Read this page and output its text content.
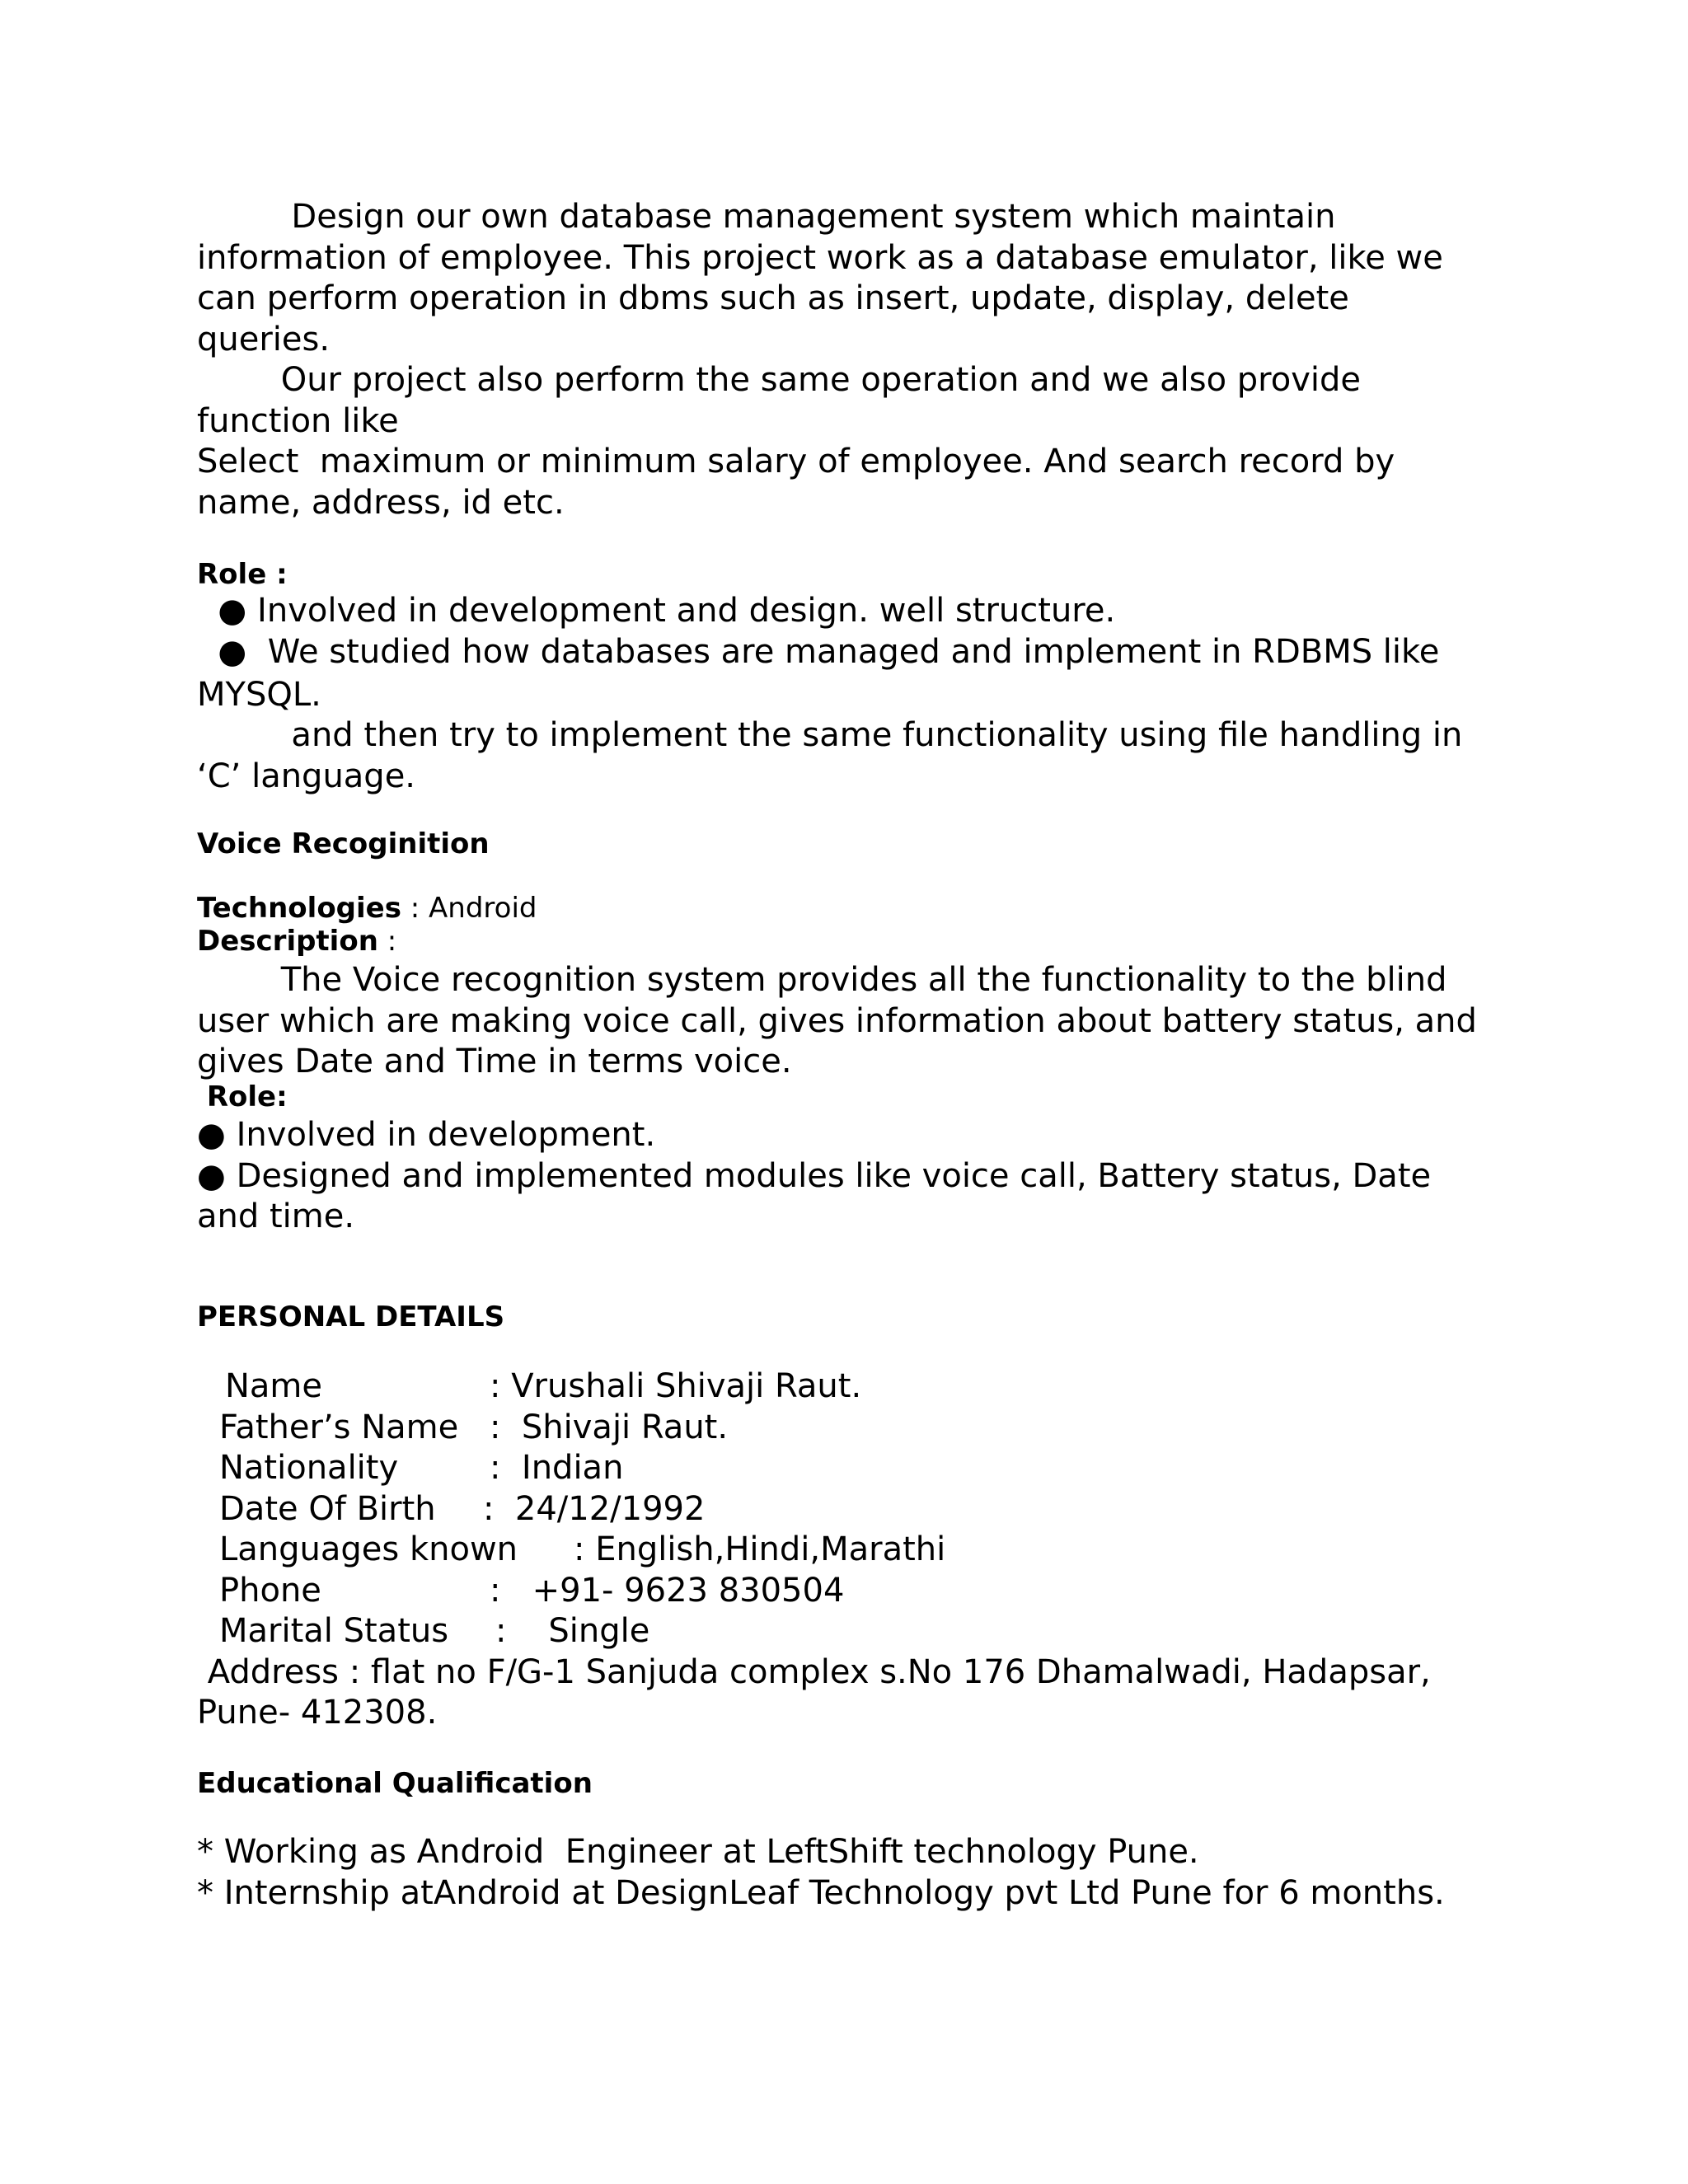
Design our own database management system which maintain

information of employee. This project work as a database emulator, like we

can perform operation in dbms such as insert, update, display, delete

queries.

Our project also perform the same operation and we also provide

function like

Select  maximum or minimum salary of employee. And search record by

name, address, id etc.

Role :

● Involved in development and design. well structure.

●  We studied how databases are managed and implement in RDBMS like

MYSQL.

and then try to implement the same functionality using file handling in

‘C’ language.

Voice Recoginition

Technologies : Android

Description :

The Voice recognition system provides all the functionality to the blind

user which are making voice call, gives information about battery status, and

gives Date and Time in terms voice.

Role:

● Involved in development.

● Designed and implemented modules like voice call, Battery status, Date

and time.

PERSONAL DETAILS

Name	: Vrushali Shivaji Raut.
Father’s Name :  Shivaji Raut.
Nationality	:  Indian
Date Of Birth :  24/12/1992
Languages known : English,Hindi,Marathi
Phone	:   +91- 9623 830504
Marital Status :    Single

Address : flat no F/G-1 Sanjuda complex s.No 176 Dhamalwadi, Hadapsar,

Pune- 412308.

Educational Qualification

* Working as Android  Engineer at LeftShift technology Pune.

* Internship atAndroid at DesignLeaf Technology pvt Ltd Pune for 6 months.
